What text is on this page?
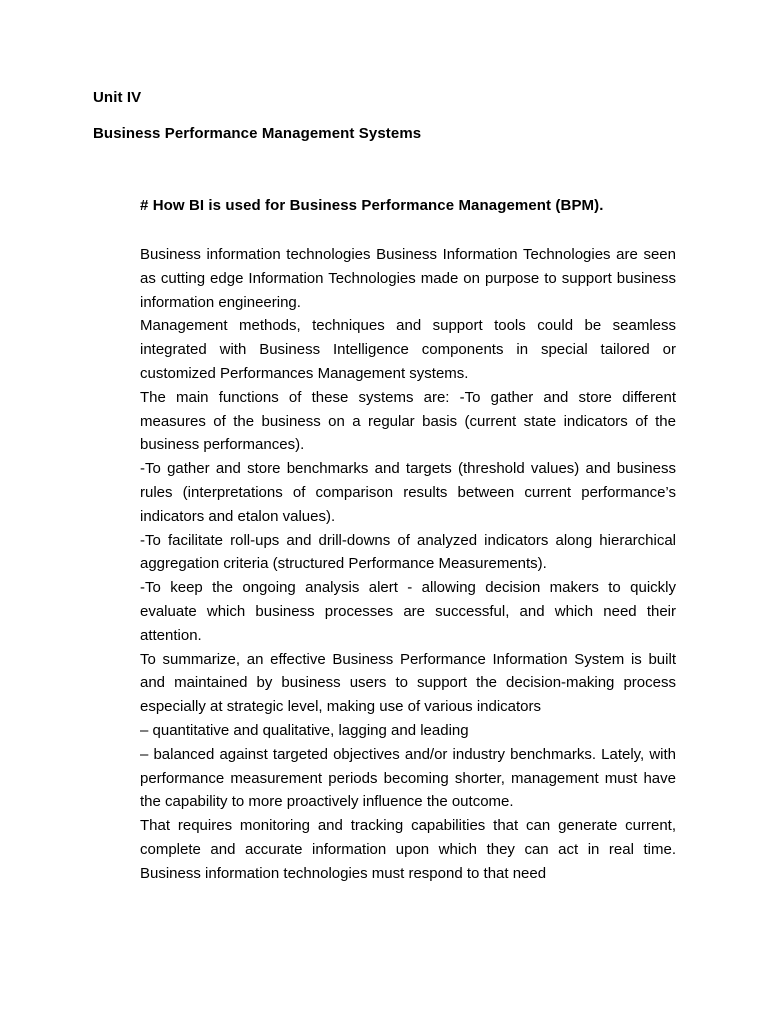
Unit IV
Business Performance Management Systems
# How BI is used for Business Performance Management (BPM).

Business information technologies Business Information Technologies are seen as cutting edge Information Technologies made on purpose to support business information engineering.

Management methods, techniques and support tools could be seamless integrated with Business Intelligence components in special tailored or customized Performances Management systems.

The main functions of these systems are: -To gather and store different measures of the business on a regular basis (current state indicators of the business performances).

-To gather and store benchmarks and targets (threshold values) and business rules (interpretations of comparison results between current performance’s indicators and etalon values).

-To facilitate roll-ups and drill-downs of analyzed indicators along hierarchical aggregation criteria (structured Performance Measurements).

-To keep the ongoing analysis alert - allowing decision makers to quickly evaluate which business processes are successful, and which need their attention.

To summarize, an effective Business Performance Information System is built and maintained by business users to support the decision-making process especially at strategic level, making use of various indicators

– quantitative and qualitative, lagging and leading

– balanced against targeted objectives and/or industry benchmarks. Lately, with performance measurement periods becoming shorter, management must have the capability to more proactively influence the outcome.

That requires monitoring and tracking capabilities that can generate current, complete and accurate information upon which they can act in real time. Business information technologies must respond to that need
